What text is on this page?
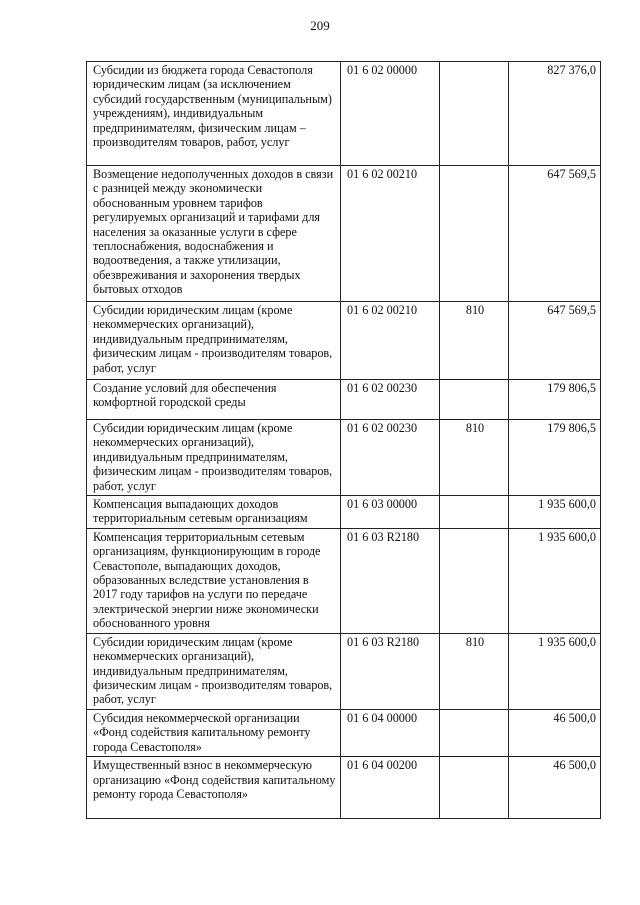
209
Субсидии из бюджета города Севастополя юридическим лицам (за исключением субсидий государственным (муниципальным) учреждениям), индивидуальным предпринимателям, физическим лицам – производителям товаров, работ, услуг	01 6 02 00000		827 376,0

Возмещение недополученных доходов в связи с разницей между экономически обоснованным уровнем тарифов регулируемых организаций и тарифами для населения за оказанные услуги в сфере теплоснабжения, водоснабжения и водоотведения, а также утилизации, обезвреживания и захоронения твердых бытовых отходов	01 6 02 00210		647 569,5

Субсидии юридическим лицам (кроме некоммерческих организаций), индивидуальным предпринимателям, физическим лицам - производителям товаров, работ, услуг	01 6 02 00210	810	647 569,5

Создание условий для обеспечения комфортной городской среды	01 6 02 00230		179 806,5

Субсидии юридическим лицам (кроме некоммерческих организаций), индивидуальным предпринимателям, физическим лицам - производителям товаров, работ, услуг	01 6 02 00230	810	179 806,5

Компенсация выпадающих доходов территориальным сетевым организациям	01 6 03 00000		1 935 600,0

Компенсация территориальным сетевым организациям, функционирующим в городе Севастополе, выпадающих доходов, образованных вследствие установления в 2017 году тарифов на услуги по передаче электрической энергии ниже экономически обоснованного уровня	01 6 03 R2180		1 935 600,0

Субсидии юридическим лицам (кроме некоммерческих организаций), индивидуальным предпринимателям, физическим лицам - производителям товаров, работ, услуг	01 6 03 R2180	810	1 935 600,0

Субсидия некоммерческой организации «Фонд содействия капитальному ремонту города Севастополя»	01 6 04 00000		46 500,0

Имущественный взнос в некоммерческую организацию «Фонд содействия капитальному ремонту города Севастополя»	01 6 04 00200		46 500,0
